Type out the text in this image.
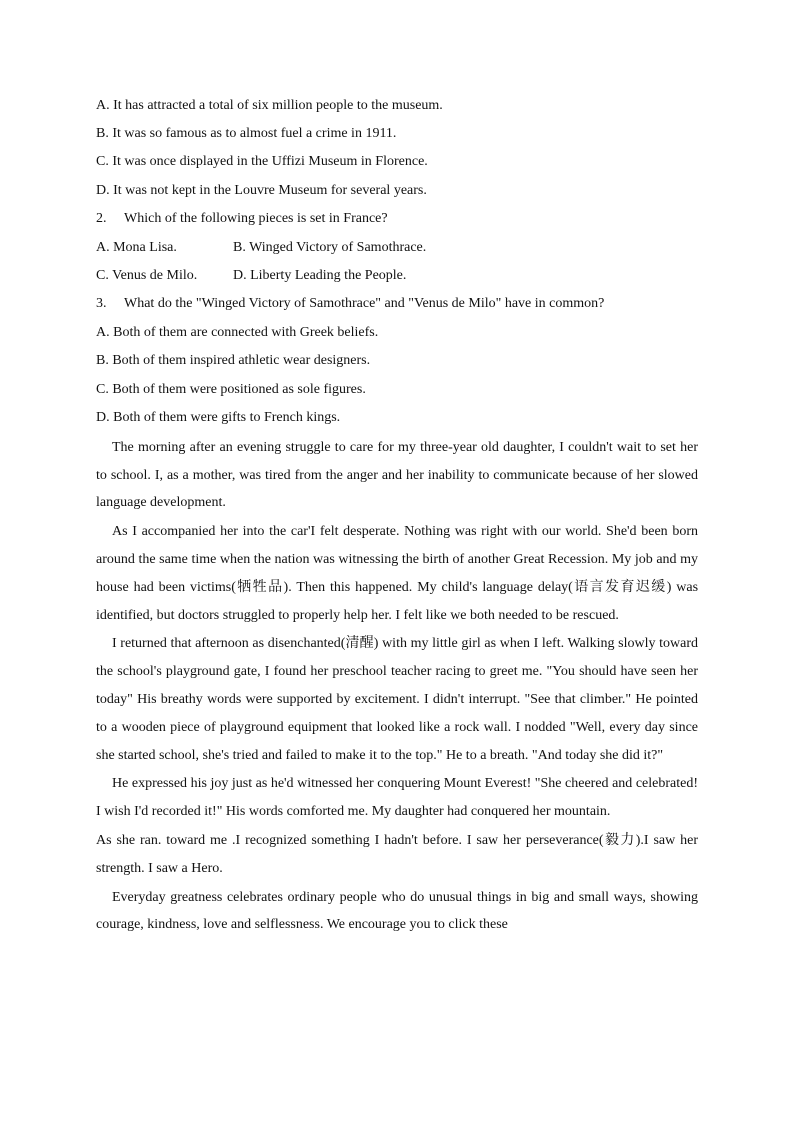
A. It has attracted a total of six million people to the museum.
B. It was so famous as to almost fuel a crime in 1911.
C. It was once displayed in the Uffizi Museum in Florence.
D. It was not kept in the Louvre Museum for several years.
2. Which of the following pieces is set in France?
A. Mona Lisa.	B. Winged Victory of Samothrace.
C. Venus de Milo.	D. Liberty Leading the People.
3. What do the "Winged Victory of Samothrace" and "Venus de Milo" have in common?
A. Both of them are connected with Greek beliefs.
B. Both of them inspired athletic wear designers.
C. Both of them were positioned as sole figures.
D. Both of them were gifts to French kings.

The morning after an evening struggle to care for my three-year old daughter, I couldn't wait to set her to school. I, as a mother, was tired from the anger and her inability to communicate because of her slowed language development.

As I accompanied her into the car'I felt desperate. Nothing was right with our world. She'd been born around the same time when the nation was witnessing the birth of another Great Recession. My job and my house had been victims(牺牲品). Then this happened. My child's language delay(语言发育迟缓) was identified, but doctors struggled to properly help her. I felt like we both needed to be rescued.

I returned that afternoon as disenchanted(清醒) with my little girl as when I left. Walking slowly toward the school's playground gate, I found her preschool teacher racing to greet me. "You should have seen her today" His breathy words were supported by excitement. I didn't interrupt. "See that climber." He pointed to a wooden piece of playground equipment that looked like a rock wall. I nodded "Well, every day since she started school, she's tried and failed to make it to the top." He to a breath. "And today she did it?"

He expressed his joy just as he'd witnessed her conquering Mount Everest! "She cheered and celebrated! I wish I'd recorded it!" His words comforted me. My daughter had conquered her mountain.

As she ran. toward me .I recognized something I hadn't before. I saw her perseverance(毅力).I saw her strength. I saw a Hero.

Everyday greatness celebrates ordinary people who do unusual things in big and small ways, showing courage, kindness, love and selflessness. We encourage you to click these
